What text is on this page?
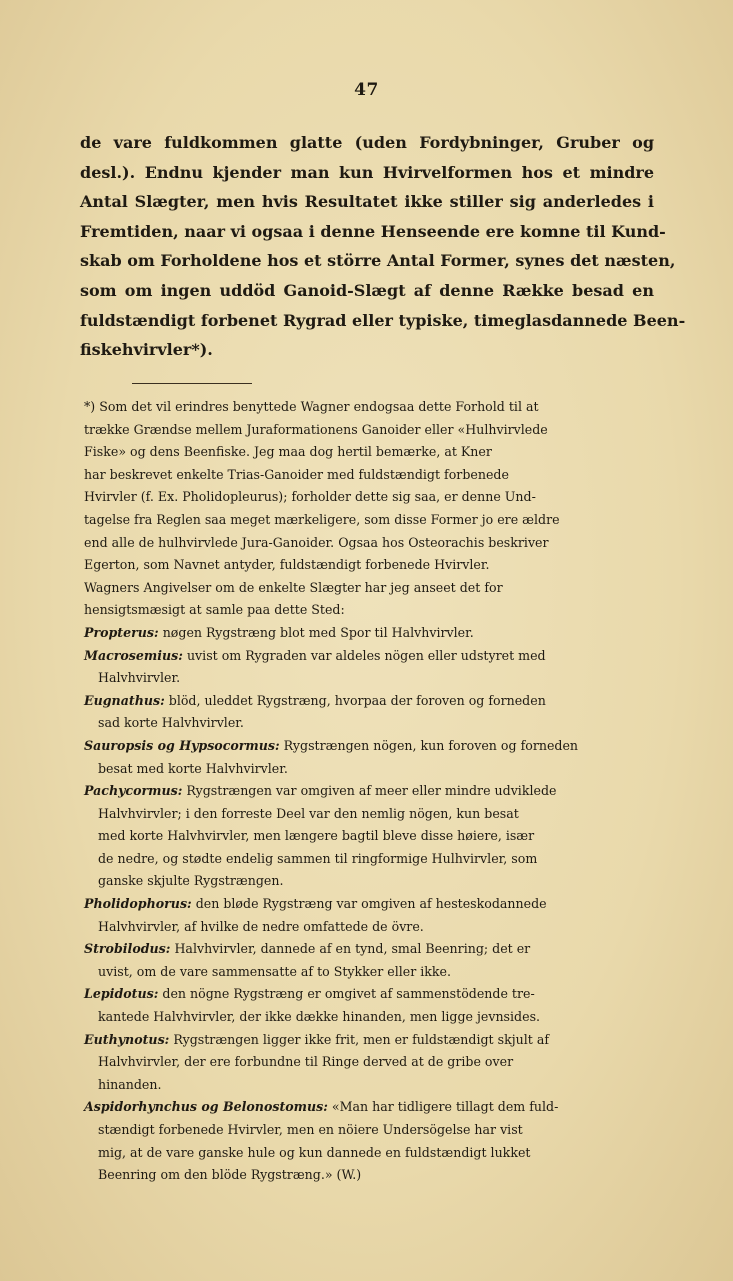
47
de vare fuldkommen glatte (uden Fordybninger, Gruber og
desl.). Endnu kjender man kun Hvirvelformen hos et mindre
Antal Slægter, men hvis Resultatet ikke stiller sig anderledes i
Fremtiden, naar vi ogsaa i denne Henseende ere komne til Kund-
skab om Forholdene hos et större Antal Former, synes det næsten,
som om ingen uddöd Ganoid-Slægt af denne Række besad en
fuldstændigt forbenet Rygrad eller typiske, timeglasdannede Been-
fiskehvirvler*).
*) Som det vil erindres benyttede Wagner endogsaa dette Forhold til at
trække Grændse mellem Juraformationens Ganoider eller «Hulhvirvlede
Fiske» og dens Beenfiske. Jeg maa dog hertil bemærke, at Kner
har beskrevet enkelte Trias-Ganoider med fuldstændigt forbenede
Hvirvler (f. Ex. Pholidopleurus); forholder dette sig saa, er denne Und-
tagelse fra Reglen saa meget mærkeligere, som disse Former jo ere ældre
end alle de hulhvirvlede Jura-Ganoider. Ogsaa hos Osteorachis beskriver
Egerton, som Navnet antyder, fuldstændigt forbenede Hvirvler.
Wagners Angivelser om de enkelte Slægter har jeg anseet det for
hensigtsmæsigt at samle paa dette Sted:
Propterus: nøgen Rygstræng blot med Spor til Halvhvirvler.
Macrosemius: uvist om Rygraden var aldeles nögen eller udstyret med
Halvhvirvler.
Eugnathus: blöd, uleddet Rygstræng, hvorpaa der foroven og forneden
sad korte Halvhvirvler.
Sauropsis og Hypsocormus: Rygstrængen nögen, kun foroven og forneden
besat med korte Halvhvirvler.
Pachycormus: Rygstrængen var omgiven af meer eller mindre udviklede
Halvhvirvler; i den forreste Deel var den nemlig nögen, kun besat
med korte Halvhvirvler, men længere bagtil bleve disse høiere, især
de nedre, og stødte endelig sammen til ringformige Hulhvirvler, som
ganske skjulte Rygstrængen.
Pholidophorus: den bløde Rygstræng var omgiven af hesteskodannede
Halvhvirvler, af hvilke de nedre omfattede de övre.
Strobilodus: Halvhvirvler, dannede af en tynd, smal Beenring; det er
uvist, om de vare sammensatte af to Stykker eller ikke.
Lepidotus: den nögne Rygstræng er omgivet af sammenstödende tre-
kantede Halvhvirvler, der ikke dække hinanden, men ligge jevnsides.
Euthynotus: Rygstrængen ligger ikke frit, men er fuldstændigt skjult af
Halvhvirvler, der ere forbundne til Ringe derved at de gribe over
hinanden.
Aspidorhynchus og Belonostomus: «Man har tidligere tillagt dem fuld-
stændigt forbenede Hvirvler, men en nöiere Undersögelse har vist
mig, at de vare ganske hule og kun dannede en fuldstændigt lukket
Beenring om den blöde Rygstræng.» (W.)
